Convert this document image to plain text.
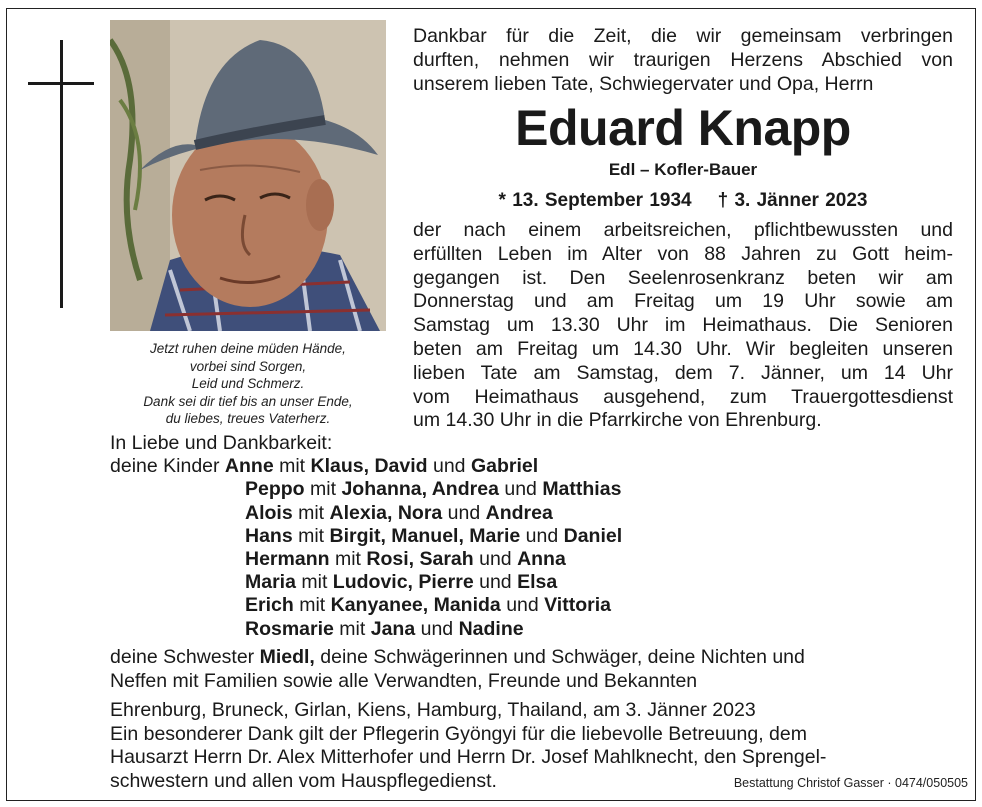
Jetzt ruhen deine müden Hände,
vorbei sind Sorgen,
Leid und Schmerz.
Dank sei dir tief bis an unser Ende,
du liebes, treues Vaterherz.
Dankbar für die Zeit, die wir gemeinsam verbringen
durften, nehmen wir traurigen Herzens Abschied von
unserem lieben Tate, Schwiegervater und Opa, Herrn
Eduard Knapp
Edl – Kofler-Bauer
* 13. September 1934 † 3. Jänner 2023
der nach einem arbeitsreichen, pflichtbewussten und
erfüllten Leben im Alter von 88 Jahren zu Gott heim-
gegangen ist. Den Seelenrosenkranz beten wir am
Donnerstag und am Freitag um 19 Uhr sowie am
Samstag um 13.30 Uhr im Heimathaus. Die Senioren
beten am Freitag um 14.30 Uhr. Wir begleiten unseren
lieben Tate am Samstag, dem 7. Jänner, um 14 Uhr
vom Heimathaus ausgehend, zum Trauergottesdienst
um 14.30 Uhr in die Pfarrkirche von Ehrenburg.
In Liebe und Dankbarkeit:
deine Kinder Anne mit Klaus, David und Gabriel
Peppo mit Johanna, Andrea und Matthias
Alois mit Alexia, Nora und Andrea
Hans mit Birgit, Manuel, Marie und Daniel
Hermann mit Rosi, Sarah und Anna
Maria mit Ludovic, Pierre und Elsa
Erich mit Kanyanee, Manida und Vittoria
Rosmarie mit Jana und Nadine
deine Schwester Miedl, deine Schwägerinnen und Schwäger, deine Nichten und
Neffen mit Familien sowie alle Verwandten, Freunde und Bekannten
Ehrenburg, Bruneck, Girlan, Kiens, Hamburg, Thailand, am 3. Jänner 2023
Ein besonderer Dank gilt der Pflegerin Gyöngyi für die liebevolle Betreuung, dem
Hausarzt Herrn Dr. Alex Mitterhofer und Herrn Dr. Josef Mahlknecht, den Sprengel-
schwestern und allen vom Hauspflegedienst.	Bestattung Christof Gasser · 0474/050505
